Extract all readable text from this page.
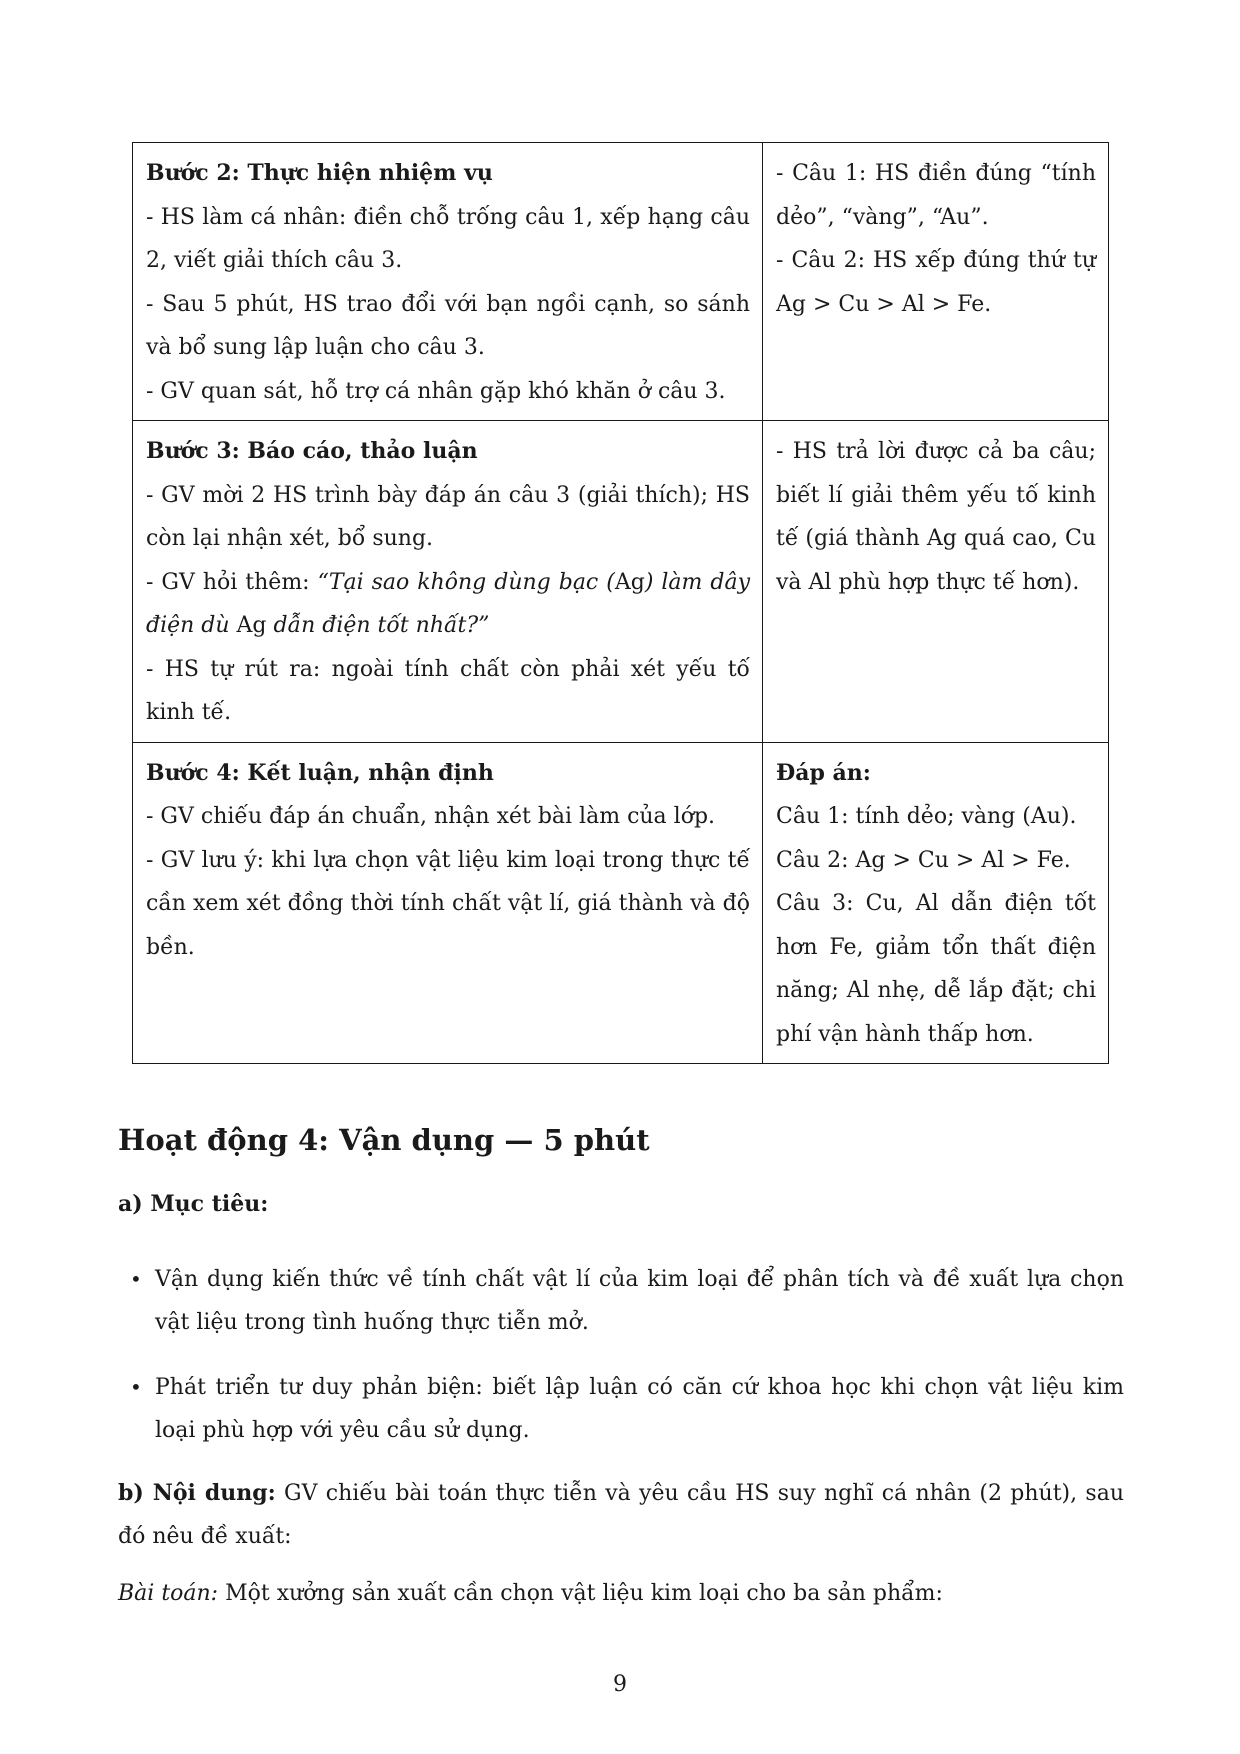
Bước 2: Thực hiện nhiệm vụ
- HS làm cá nhân: điền chỗ trống câu 1, xếp hạng câu 2, viết giải thích câu 3.
- Sau 5 phút, HS trao đổi với bạn ngồi cạnh, so sánh và bổ sung lập luận cho câu 3.
- GV quan sát, hỗ trợ cá nhân gặp khó khăn ở câu 3.	- Câu 1: HS điền đúng “tính dẻo”, “vàng”, “Au”.
- Câu 2: HS xếp đúng thứ tự Ag > Cu > Al > Fe.

Bước 3: Báo cáo, thảo luận
- GV mời 2 HS trình bày đáp án câu 3 (giải thích); HS còn lại nhận xét, bổ sung.
- GV hỏi thêm: “Tại sao không dùng bạc (Ag) làm dây điện dù Ag dẫn điện tốt nhất?”
- HS tự rút ra: ngoài tính chất còn phải xét yếu tố kinh tế.	- HS trả lời được cả ba câu; biết lí giải thêm yếu tố kinh tế (giá thành Ag quá cao, Cu và Al phù hợp thực tế hơn).

Bước 4: Kết luận, nhận định
- GV chiếu đáp án chuẩn, nhận xét bài làm của lớp.
- GV lưu ý: khi lựa chọn vật liệu kim loại trong thực tế cần xem xét đồng thời tính chất vật lí, giá thành và độ bền.	Đáp án:
Câu 1: tính dẻo; vàng (Au).
Câu 2: Ag > Cu > Al > Fe.
Câu 3: Cu, Al dẫn điện tốt hơn Fe, giảm tổn thất điện năng; Al nhẹ, dễ lắp đặt; chi phí vận hành thấp hơn.
Hoạt động 4: Vận dụng — 5 phút

a) Mục tiêu:

• Vận dụng kiến thức về tính chất vật lí của kim loại để phân tích và đề xuất lựa chọn vật liệu trong tình huống thực tiễn mở.
• Phát triển tư duy phản biện: biết lập luận có căn cứ khoa học khi chọn vật liệu kim loại phù hợp với yêu cầu sử dụng.

b) Nội dung: GV chiếu bài toán thực tiễn và yêu cầu HS suy nghĩ cá nhân (2 phút), sau đó nêu đề xuất:

Bài toán: Một xưởng sản xuất cần chọn vật liệu kim loại cho ba sản phẩm:

9
